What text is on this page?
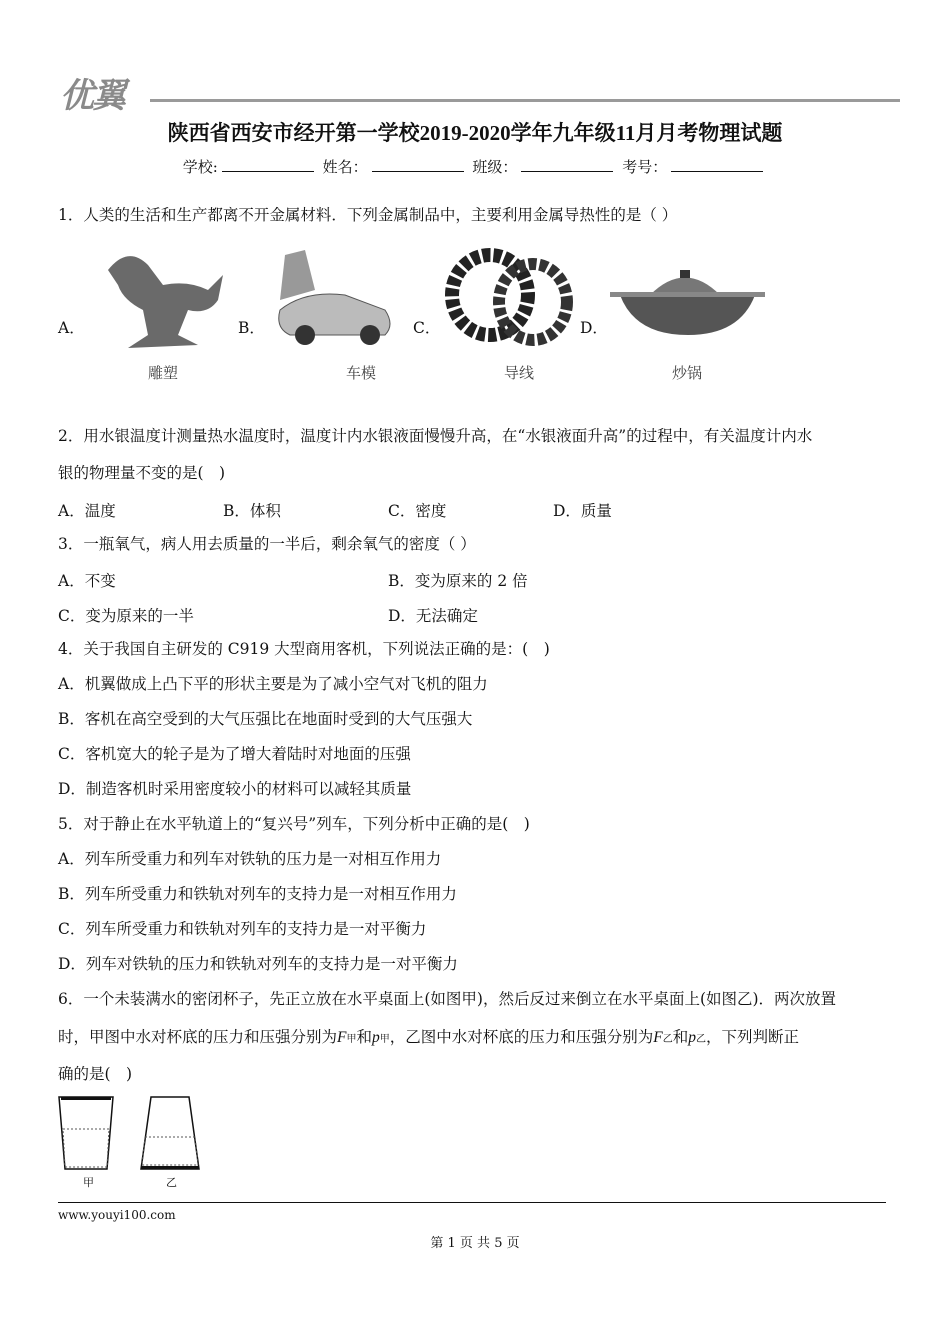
优翼
陕西省西安市经开第一学校2019-2020学年九年级11月月考物理试题
学校:	姓名：	班级：	考号：
1．人类的生活和生产都离不开金属材料．下列金属制品中，主要利用金属导热性的是（ ）
A．
雕塑
B．
车模
C．
导线
D．
炒锅
2．用水银温度计测量热水温度时，温度计内水银液面慢慢升高，在“水银液面升高”的过程中，有关温度计内水
银的物理量不变的是(　)
A．温度	B．体积	C．密度	D．质量
3．一瓶氧气，病人用去质量的一半后，剩余氧气的密度（ ）
A．不变	B．变为原来的 2 倍
C．变为原来的一半	D．无法确定
4．关于我国自主研发的 C919 大型商用客机，下列说法正确的是：(　)
A．机翼做成上凸下平的形状主要是为了减小空气对飞机的阻力
B．客机在高空受到的大气压强比在地面时受到的大气压强大
C．客机宽大的轮子是为了增大着陆时对地面的压强
D．制造客机时采用密度较小的材料可以减轻其质量
5．对于静止在水平轨道上的“复兴号”列车，下列分析中正确的是(　)
A．列车所受重力和列车对铁轨的压力是一对相互作用力
B．列车所受重力和铁轨对列车的支持力是一对相互作用力
C．列车所受重力和铁轨对列车的支持力是一对平衡力
D．列车对铁轨的压力和铁轨对列车的支持力是一对平衡力
6．一个未装满水的密闭杯子，先正立放在水平桌面上(如图甲)，然后反过来倒立在水平桌面上(如图乙)．两次放置
时，甲图中水对杯底的压力和压强分别为F甲和p甲，乙图中水对杯底的压力和压强分别为F乙和p乙，下列判断正
确的是(　)
甲	乙
www.youyi100.com
第 1 页 共 5 页
